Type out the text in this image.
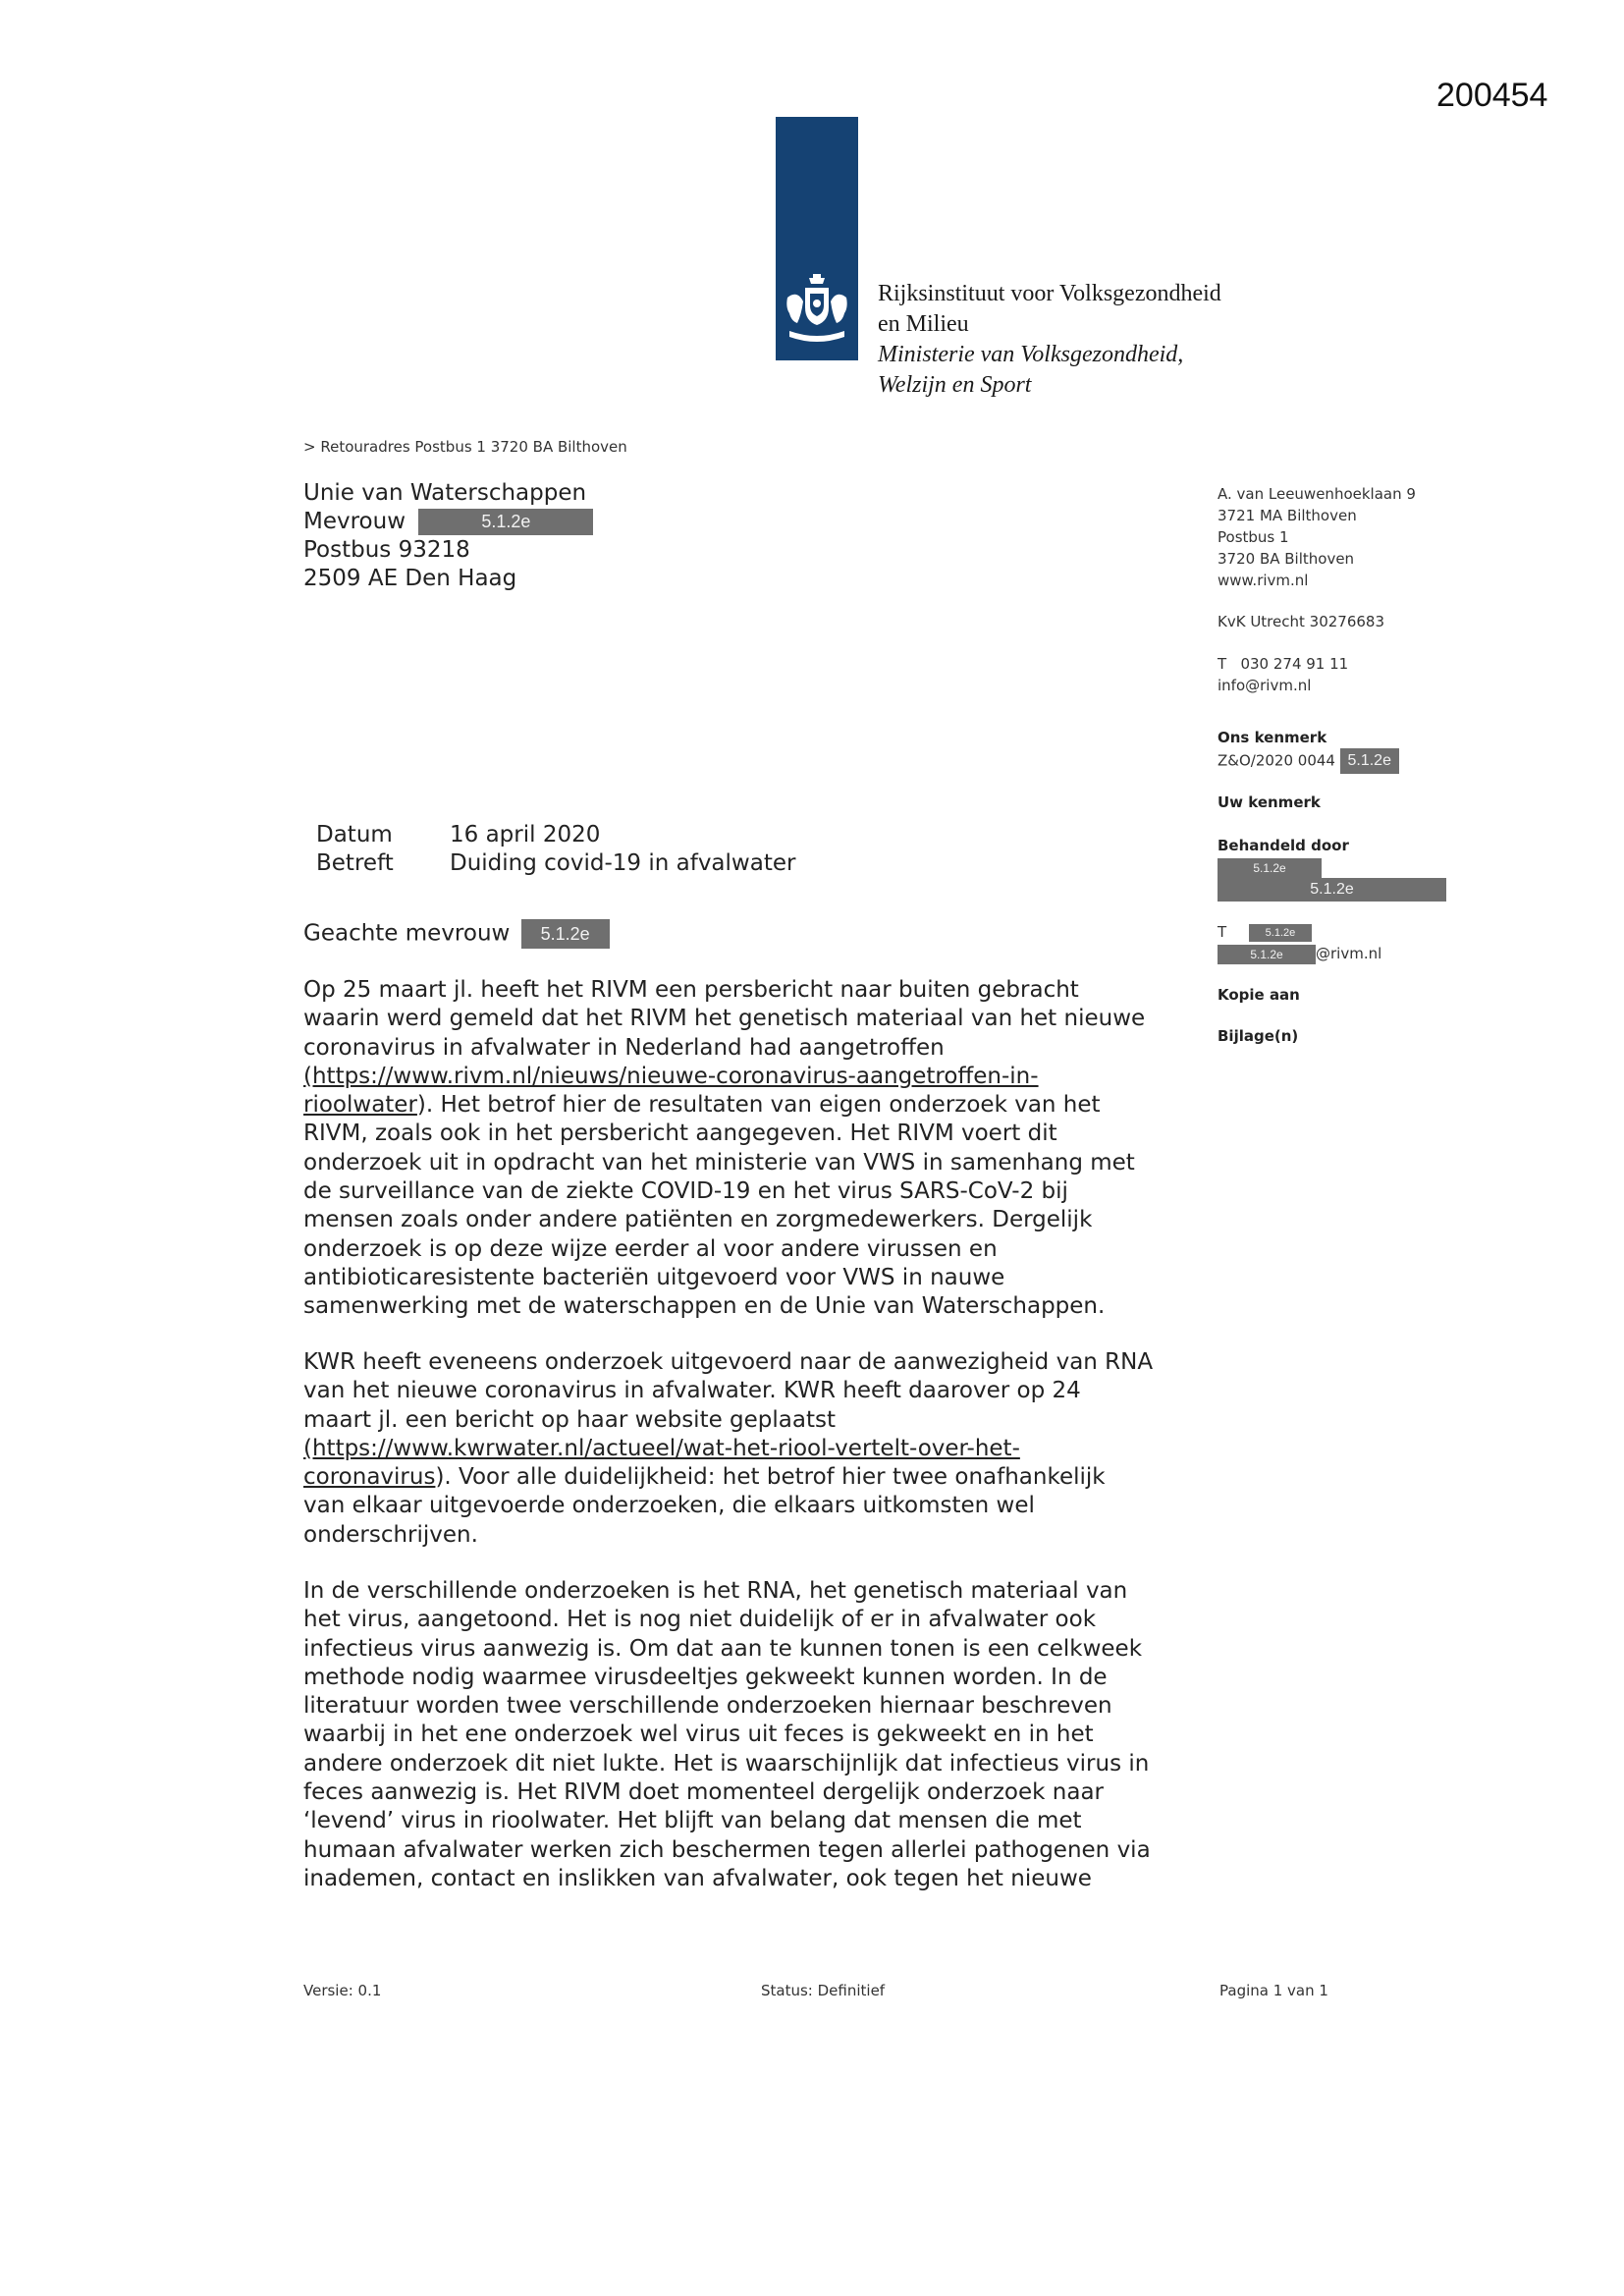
200454
Rijksinstituut voor Volksgezondheid
en Milieu
Ministerie van Volksgezondheid,
Welzijn en Sport
> Retouradres Postbus 1 3720 BA Bilthoven
Unie van Waterschappen
Mevrouw	5.1.2e
Postbus 93218
2509 AE Den Haag
A. van Leeuwenhoeklaan 9
3721 MA Bilthoven
Postbus 1
3720 BA Bilthoven
www.rivm.nl
KvK Utrecht 30276683
T   030 274 91 11
info@rivm.nl
Ons kenmerk
Z&O/2020 0044 5.1.2e
Uw kenmerk
Behandeld door
5.1.2e
5.1.2e
T	5.1.2e
5.1.2e @rivm.nl
Kopie aan
Bijlage(n)
Datum	16 april 2020
Betreft Duiding covid-19 in afvalwater
Geachte mevrouw 5.1.2e
Op 25 maart jl. heeft het RIVM een persbericht naar buiten gebracht
waarin werd gemeld dat het RIVM het genetisch materiaal van het nieuwe
coronavirus in afvalwater in Nederland had aangetroffen
(https://www.rivm.nl/nieuws/nieuwe-coronavirus-aangetroffen-in-
rioolwater). Het betrof hier de resultaten van eigen onderzoek van het
RIVM, zoals ook in het persbericht aangegeven. Het RIVM voert dit
onderzoek uit in opdracht van het ministerie van VWS in samenhang met
de surveillance van de ziekte COVID-19 en het virus SARS-CoV-2 bij
mensen zoals onder andere patiënten en zorgmedewerkers. Dergelijk
onderzoek is op deze wijze eerder al voor andere virussen en
antibioticaresistente bacteriën uitgevoerd voor VWS in nauwe
samenwerking met de waterschappen en de Unie van Waterschappen.
KWR heeft eveneens onderzoek uitgevoerd naar de aanwezigheid van RNA
van het nieuwe coronavirus in afvalwater. KWR heeft daarover op 24
maart jl. een bericht op haar website geplaatst
(https://www.kwrwater.nl/actueel/wat-het-riool-vertelt-over-het-
coronavirus). Voor alle duidelijkheid: het betrof hier twee onafhankelijk
van elkaar uitgevoerde onderzoeken, die elkaars uitkomsten wel
onderschrijven.
In de verschillende onderzoeken is het RNA, het genetisch materiaal van
het virus, aangetoond. Het is nog niet duidelijk of er in afvalwater ook
infectieus virus aanwezig is. Om dat aan te kunnen tonen is een celkweek
methode nodig waarmee virusdeeltjes gekweekt kunnen worden. In de
literatuur worden twee verschillende onderzoeken hiernaar beschreven
waarbij in het ene onderzoek wel virus uit feces is gekweekt en in het
andere onderzoek dit niet lukte. Het is waarschijnlijk dat infectieus virus in
feces aanwezig is. Het RIVM doet momenteel dergelijk onderzoek naar
‘levend’ virus in rioolwater. Het blijft van belang dat mensen die met
humaan afvalwater werken zich beschermen tegen allerlei pathogenen via
inademen, contact en inslikken van afvalwater, ook tegen het nieuwe
Versie: 0.1	Status: Definitief	Pagina 1 van 1
